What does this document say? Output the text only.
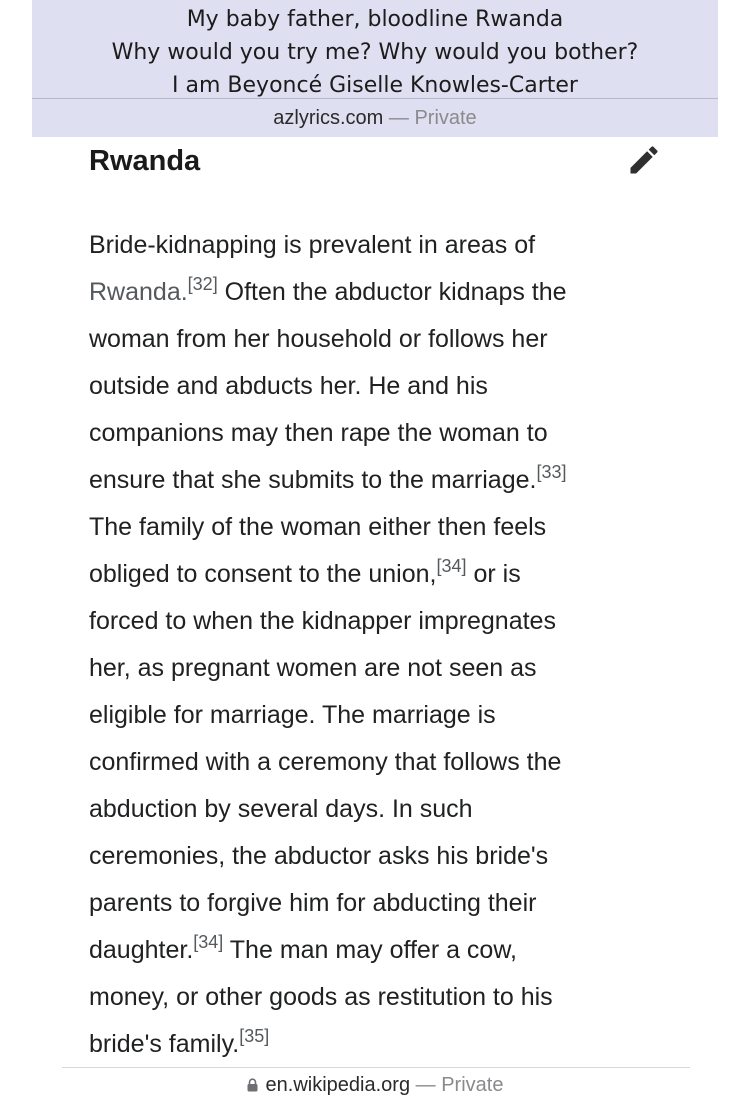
My baby father, bloodline Rwanda
Why would you try me? Why would you bother?
I am Beyoncé Giselle Knowles-Carter
azlyrics.com — Private
Rwanda
Bride-kidnapping is prevalent in areas of
Rwanda.[32] Often the abductor kidnaps the
woman from her household or follows her
outside and abducts her. He and his
companions may then rape the woman to
ensure that she submits to the marriage.[33]
The family of the woman either then feels
obliged to consent to the union,[34] or is
forced to when the kidnapper impregnates
her, as pregnant women are not seen as
eligible for marriage. The marriage is
confirmed with a ceremony that follows the
abduction by several days. In such
ceremonies, the abductor asks his bride's
parents to forgive him for abducting their
daughter.[34] The man may offer a cow,
money, or other goods as restitution to his
bride's family.[35]
en.wikipedia.org — Private
